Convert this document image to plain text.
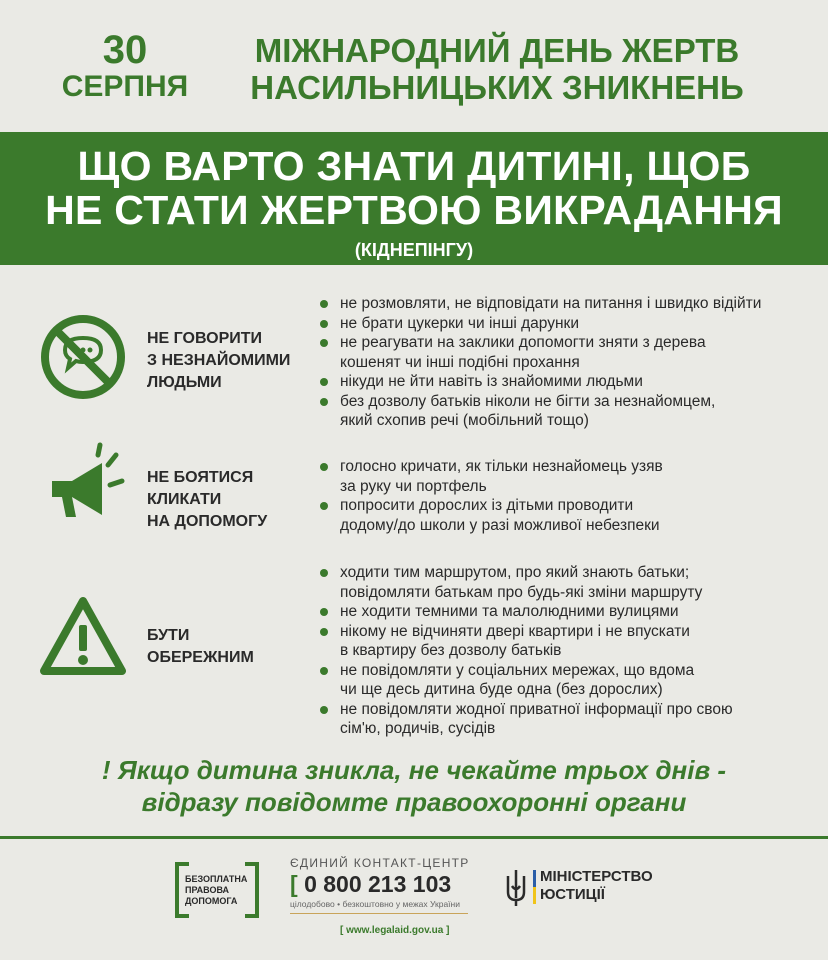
30
СЕРПНЯ
МІЖНАРОДНИЙ ДЕНЬ ЖЕРТВ
НАСИЛЬНИЦЬКИХ ЗНИКНЕНЬ
ЩО ВАРТО ЗНАТИ ДИТИНІ, ЩОБ
НЕ СТАТИ ЖЕРТВОЮ ВИКРАДАННЯ
(КІДНЕПІНГУ)
НЕ ГОВОРИТИ
З НЕЗНАЙОМИМИ
ЛЮДЬМИ
не розмовляти, не відповідати на питання і швидко відійти
не брати цукерки чи інші дарунки
не реагувати на заклики допомогти зняти з дерева
кошенят чи інші подібні прохання
нікуди не йти навіть із знайомими людьми
без дозволу батьків ніколи не бігти за незнайомцем,
який схопив речі (мобільний тощо)
НЕ БОЯТИСЯ
КЛИКАТИ
НА ДОПОМОГУ
голосно кричати, як тільки незнайомець узяв
за руку чи портфель
попросити дорослих із дітьми проводити
додому/до школи у разі можливої небезпеки
БУТИ
ОБЕРЕЖНИМ
ходити тим маршрутом, про який знають батьки;
повідомляти батькам про будь-які зміни маршруту
не ходити темними та малолюдними вулицями
нікому не відчиняти двері квартири і не впускати
в квартиру без дозволу батьків
не повідомляти у соціальних мережах, що вдома
чи ще десь дитина буде одна (без дорослих)
не повідомляти жодної приватної інформації про свою
сім'ю, родичів, сусідів
! Якщо дитина зникла, не чекайте трьох днів -
відразу повідомте правоохоронні органи
БЕЗОПЛАТНА
ПРАВОВА
ДОПОМОГА
ЄДИНИЙ КОНТАКТ-ЦЕНТР
[ 0 800 213 103
цілодобово • безкоштовно у межах України
[ www.legalaid.gov.ua ]
МІНІСТЕРСТВО
ЮСТИЦІЇ
